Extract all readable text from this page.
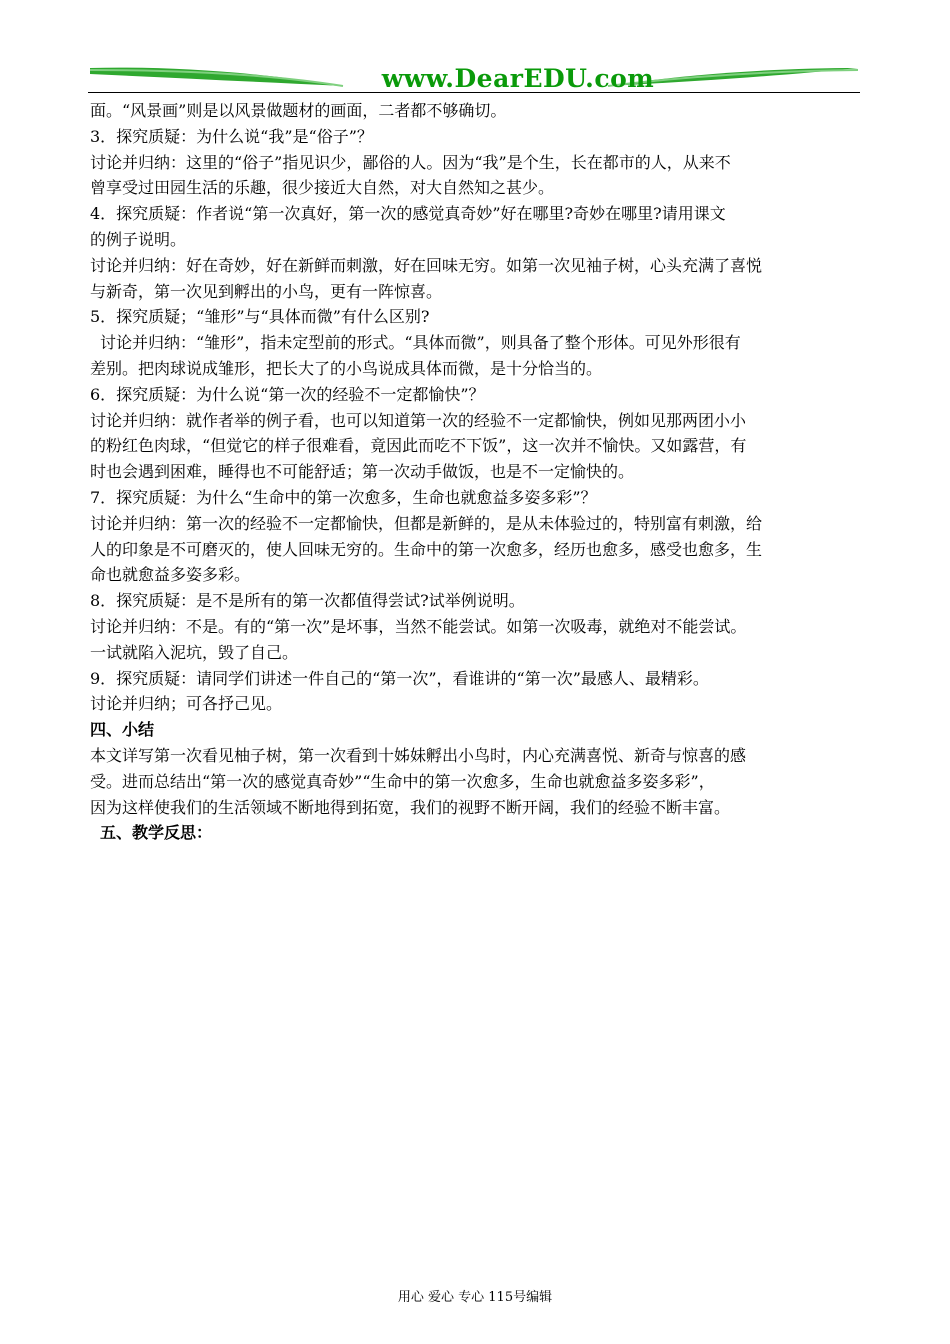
www.DearEDU.com
面。“风景画”则是以风景做题材的画面，二者都不够确切。
3．探究质疑：为什么说“我”是“俗子”？
讨论并归纳：这里的“俗子”指见识少，鄙俗的人。因为“我”是个生，长在都市的人，从来不
曾享受过田园生活的乐趣，很少接近大自然，对大自然知之甚少。
4．探究质疑：作者说“第一次真好，第一次的感觉真奇妙”好在哪里?奇妙在哪里?请用课文
的例子说明。
讨论并归纳：好在奇妙，好在新鲜而刺激，好在回味无穷。如第一次见袖子树，心头充满了喜悦
与新奇，第一次见到孵出的小鸟，更有一阵惊喜。
5．探究质疑；“雏形”与“具体而微”有什么区别?
讨论并归纳：“雏形”，指未定型前的形式。“具体而微”，则具备了整个形体。可见外形很有
差别。把肉球说成雏形，把长大了的小鸟说成具体而微，是十分恰当的。
6．探究质疑：为什么说“第一次的经验不一定都愉快”？
讨论并归纳：就作者举的例子看，也可以知道第一次的经验不一定都愉快，例如见那两团小小
的粉红色肉球，“但觉它的样子很难看，竟因此而吃不下饭”，这一次并不愉快。又如露营，有
时也会遇到困难，睡得也不可能舒适；第一次动手做饭，也是不一定愉快的。
7．探究质疑：为什么“生命中的第一次愈多，生命也就愈益多姿多彩”？
讨论并归纳：第一次的经验不一定都愉快，但都是新鲜的，是从未体验过的，特别富有刺激，给
人的印象是不可磨灭的，使人回味无穷的。生命中的第一次愈多，经历也愈多，感受也愈多，生
命也就愈益多姿多彩。
8．探究质疑：是不是所有的第一次都值得尝试?试举例说明。
讨论并归纳：不是。有的“第一次”是坏事，当然不能尝试。如第一次吸毒，就绝对不能尝试。
一试就陷入泥坑，毁了自己。
9．探究质疑：请同学们讲述一件自己的“第一次”，看谁讲的“第一次”最感人、最精彩。
讨论并归纳；可各抒己见。
四、小结
本文详写第一次看见柚子树，第一次看到十姊妹孵出小鸟时，内心充满喜悦、新奇与惊喜的感
受。进而总结出“第一次的感觉真奇妙”“生命中的第一次愈多，生命也就愈益多姿多彩”，
因为这样使我们的生活领域不断地得到拓宽，我们的视野不断开阔，我们的经验不断丰富。
五、教学反思：
用心 爱心 专心 115号编辑
